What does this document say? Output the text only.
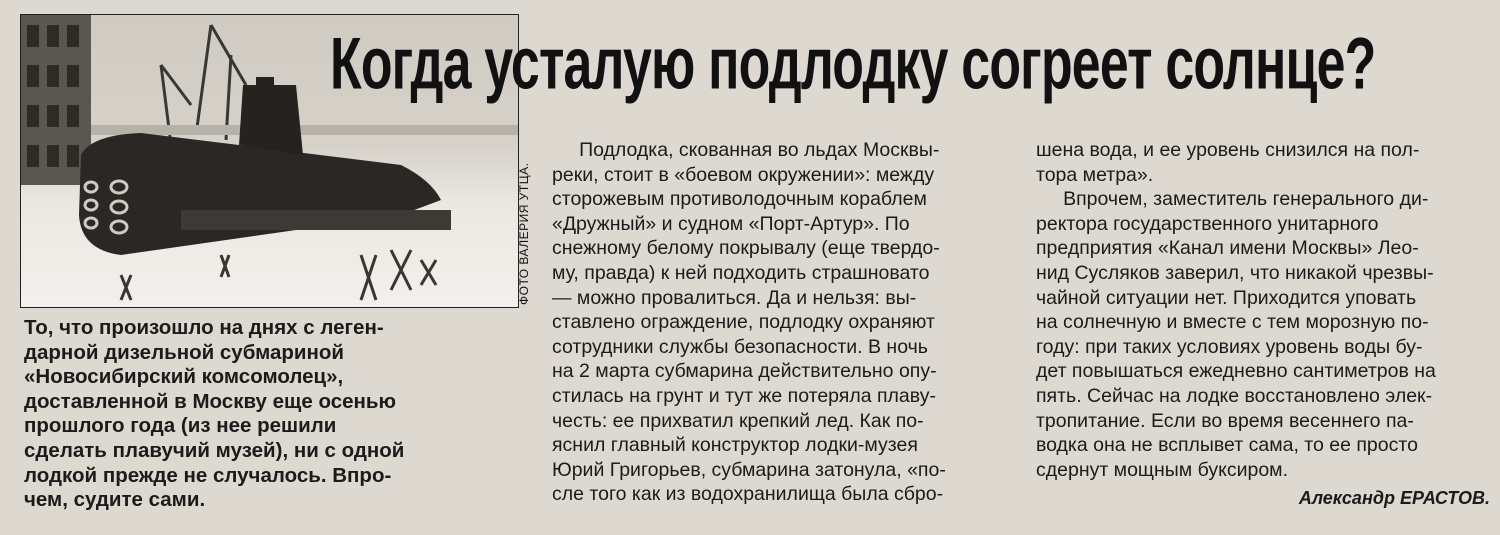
ФОТО ВАЛЕРИЯ УТЦА.
Когда усталую подлодку согреет солнце?

То, что произошло на днях с леген-
дарной дизельной субмариной
«Новосибирский комсомолец»,
доставленной в Москву еще осенью
прошлого года (из нее решили
сделать плавучий музей), ни с одной
лодкой прежде не случалось. Впро-
чем, судите сами.

Подлодка, скованная во льдах Москвы-
реки, стоит в «боевом окружении»: между
сторожевым противолодочным кораблем
«Дружный» и судном «Порт-Артур». По
снежному белому покрывалу (еще твердо-
му, правда) к ней подходить страшновато
— можно провалиться. Да и нельзя: вы-
ставлено ограждение, подлодку охраняют
сотрудники службы безопасности. В ночь
на 2 марта субмарина действительно опу-
стилась на грунт и тут же потеряла плаву-
честь: ее прихватил крепкий лед. Как по-
яснил главный конструктор лодки-музея
Юрий Григорьев, субмарина затонула, «по-
сле того как из водохранилища была сбро-

шена вода, и ее уровень снизился на пол-
тора метра».
Впрочем, заместитель генерального ди-
ректора государственного унитарного
предприятия «Канал имени Москвы» Лео-
нид Сусляков заверил, что никакой чрезвы-
чайной ситуации нет. Приходится уповать
на солнечную и вместе с тем морозную по-
году: при таких условиях уровень воды бу-
дет повышаться ежедневно сантиметров на
пять. Сейчас на лодке восстановлено элек-
тропитание. Если во время весеннего па-
водка она не всплывет сама, то ее просто
сдернут мощным буксиром.

Александр ЕРАСТОВ.
